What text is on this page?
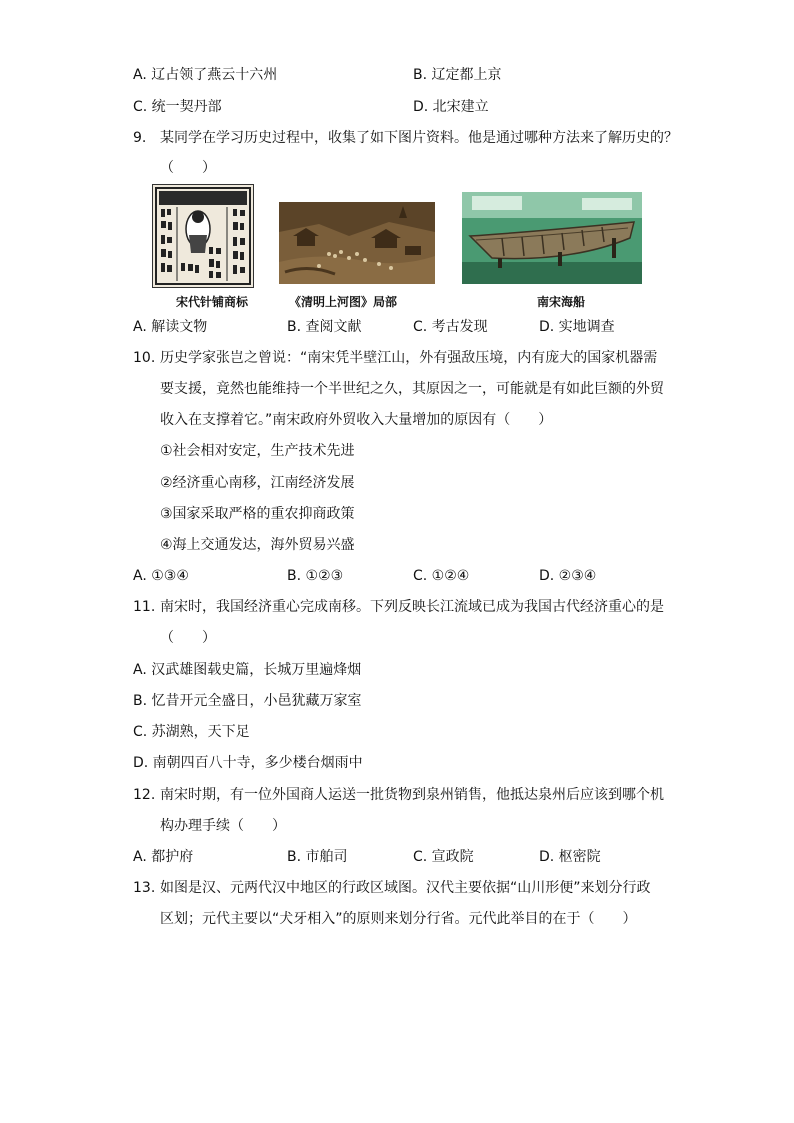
A. 辽占领了燕云十六州	B. 辽定都上京
C. 统一契丹部	D. 北宋建立
9. 某同学在学习历史过程中，收集了如下图片资料。他是通过哪种方法来了解历史的？
（　　）
宋代针铺商标	《清明上河图》局部	南宋海船
A. 解读文物	B. 查阅文献	C. 考古发现	D. 实地调查
10. 历史学家张岂之曾说：“南宋凭半壁江山，外有强敌压境，内有庞大的国家机器需
要支援，竟然也能维持一个半世纪之久，其原因之一，可能就是有如此巨额的外贸
收入在支撑着它。”南宋政府外贸收入大量增加的原因有（　　）
①社会相对安定，生产技术先进
②经济重心南移，江南经济发展
③国家采取严格的重农抑商政策
④海上交通发达，海外贸易兴盛
A. ①③④	B. ①②③	C. ①②④	D. ②③④
11. 南宋时，我国经济重心完成南移。下列反映长江流域已成为我国古代经济重心的是
（　　）
A. 汉武雄图载史篇，长城万里遍烽烟
B. 忆昔开元全盛日，小邑犹藏万家室
C. 苏湖熟，天下足
D. 南朝四百八十寺，多少楼台烟雨中
12. 南宋时期，有一位外国商人运送一批货物到泉州销售，他抵达泉州后应该到哪个机
构办理手续（　　）
A. 都护府	B. 市舶司	C. 宣政院	D. 枢密院
13. 如图是汉、元两代汉中地区的行政区域图。汉代主要依据“山川形便”来划分行政
区划；元代主要以“犬牙相入”的原则来划分行省。元代此举目的在于（　　）
